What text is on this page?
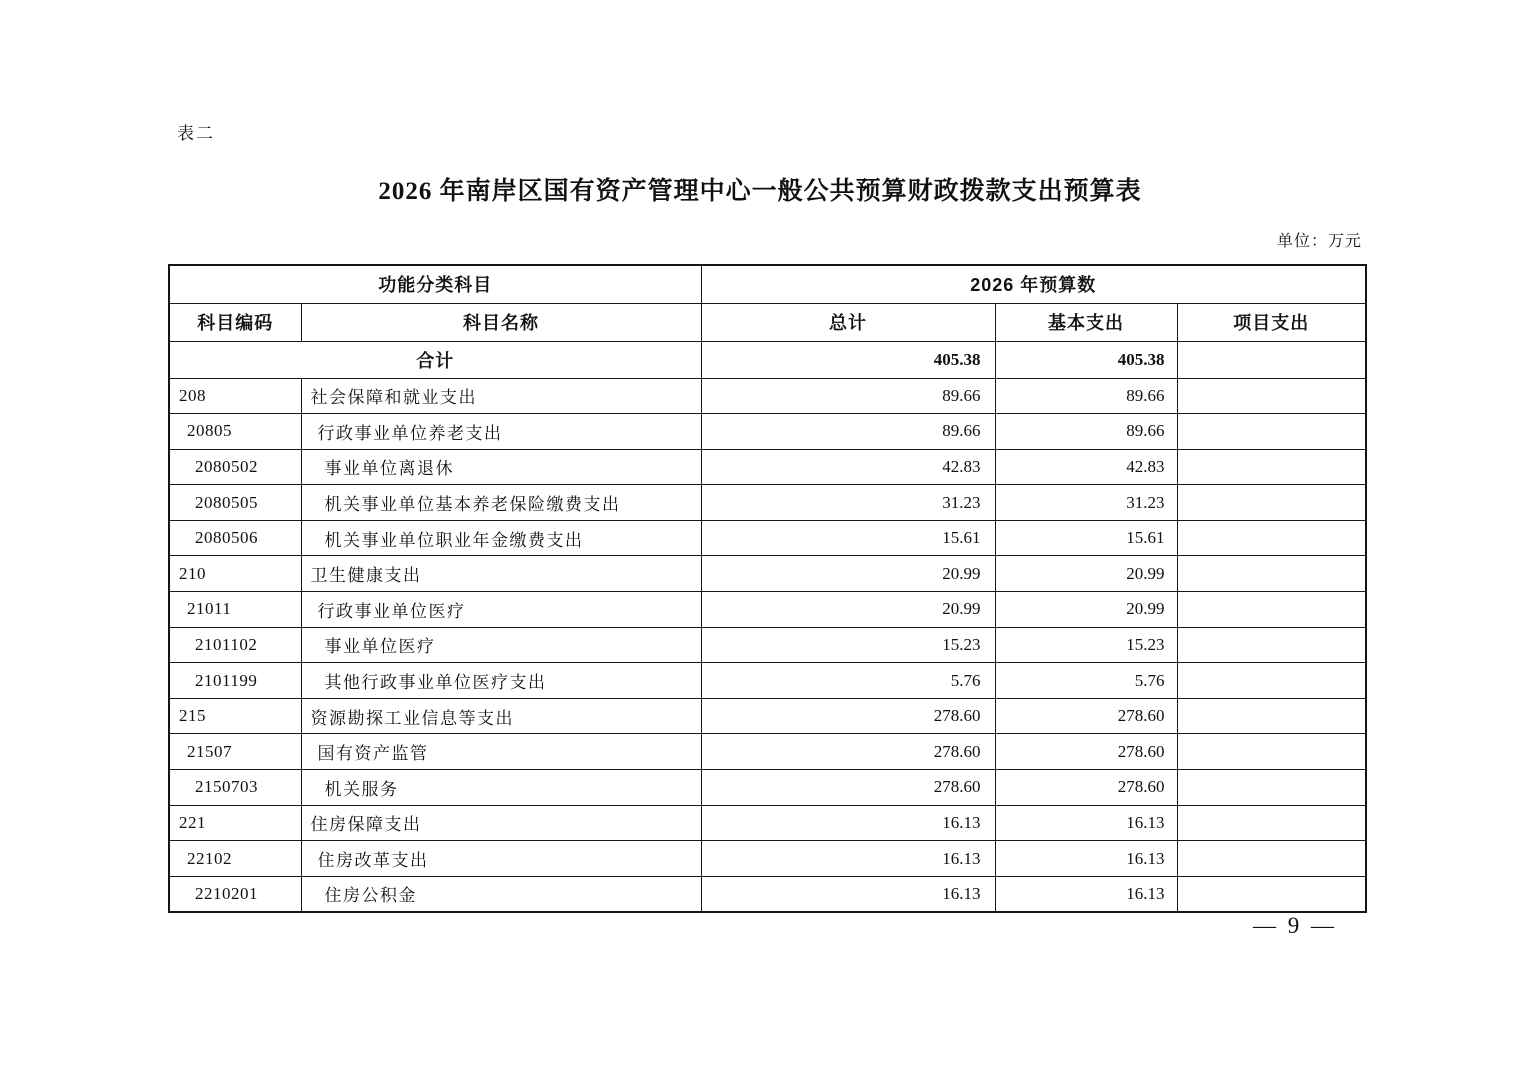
表二
2026 年南岸区国有资产管理中心一般公共预算财政拨款支出预算表
单位：万元
功能分类科目		2026 年预算数		
科目编码	科目名称	总计	基本支出	项目支出
合计		405.38	405.38	
208	社会保障和就业支出	89.66	89.66	
20805	行政事业单位养老支出	89.66	89.66	
2080502	事业单位离退休	42.83	42.83	
2080505	机关事业单位基本养老保险缴费支出	31.23	31.23	
2080506	机关事业单位职业年金缴费支出	15.61	15.61	
210	卫生健康支出	20.99	20.99	
21011	行政事业单位医疗	20.99	20.99	
2101102	事业单位医疗	15.23	15.23	
2101199	其他行政事业单位医疗支出	5.76	5.76	
215	资源勘探工业信息等支出	278.60	278.60	
21507	国有资产监管	278.60	278.60	
2150703	机关服务	278.60	278.60	
221	住房保障支出	16.13	16.13	
22102	住房改革支出	16.13	16.13	
2210201	住房公积金	16.13	16.13	
— 9 —
